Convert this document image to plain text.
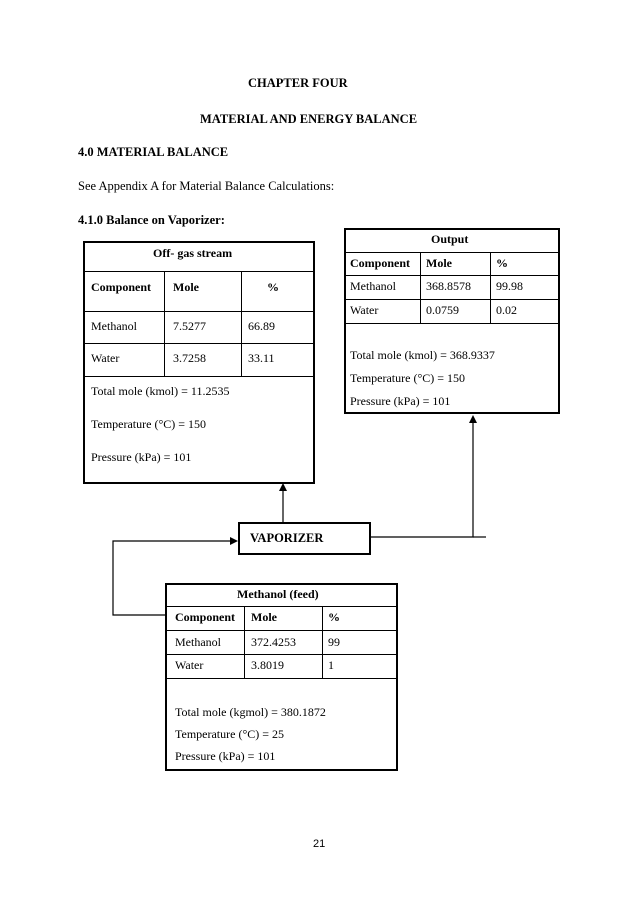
CHAPTER FOUR
MATERIAL AND ENERGY BALANCE
4.0 MATERIAL BALANCE
See Appendix A for Material Balance Calculations:
4.1.0 Balance on Vaporizer:
Off- gas stream
Component Mole	%
Methanol	7.5277	66.89
Water	3.7258	33.11
Total mole (kmol) = 11.2535
Temperature (°C) = 150
Pressure (kPa) = 101
Output
Component Mole	%
Methanol	368.8578 99.98
Water	0.0759	0.02
Total mole (kmol) = 368.9337
Temperature (°C) = 150
Pressure (kPa) = 101
VAPORIZER
Methanol (feed)
Component Mole	%
Methanol	372.4253	99
Water	3.8019	1
Total mole (kgmol) = 380.1872
Temperature (°C) = 25
Pressure (kPa) = 101
21
